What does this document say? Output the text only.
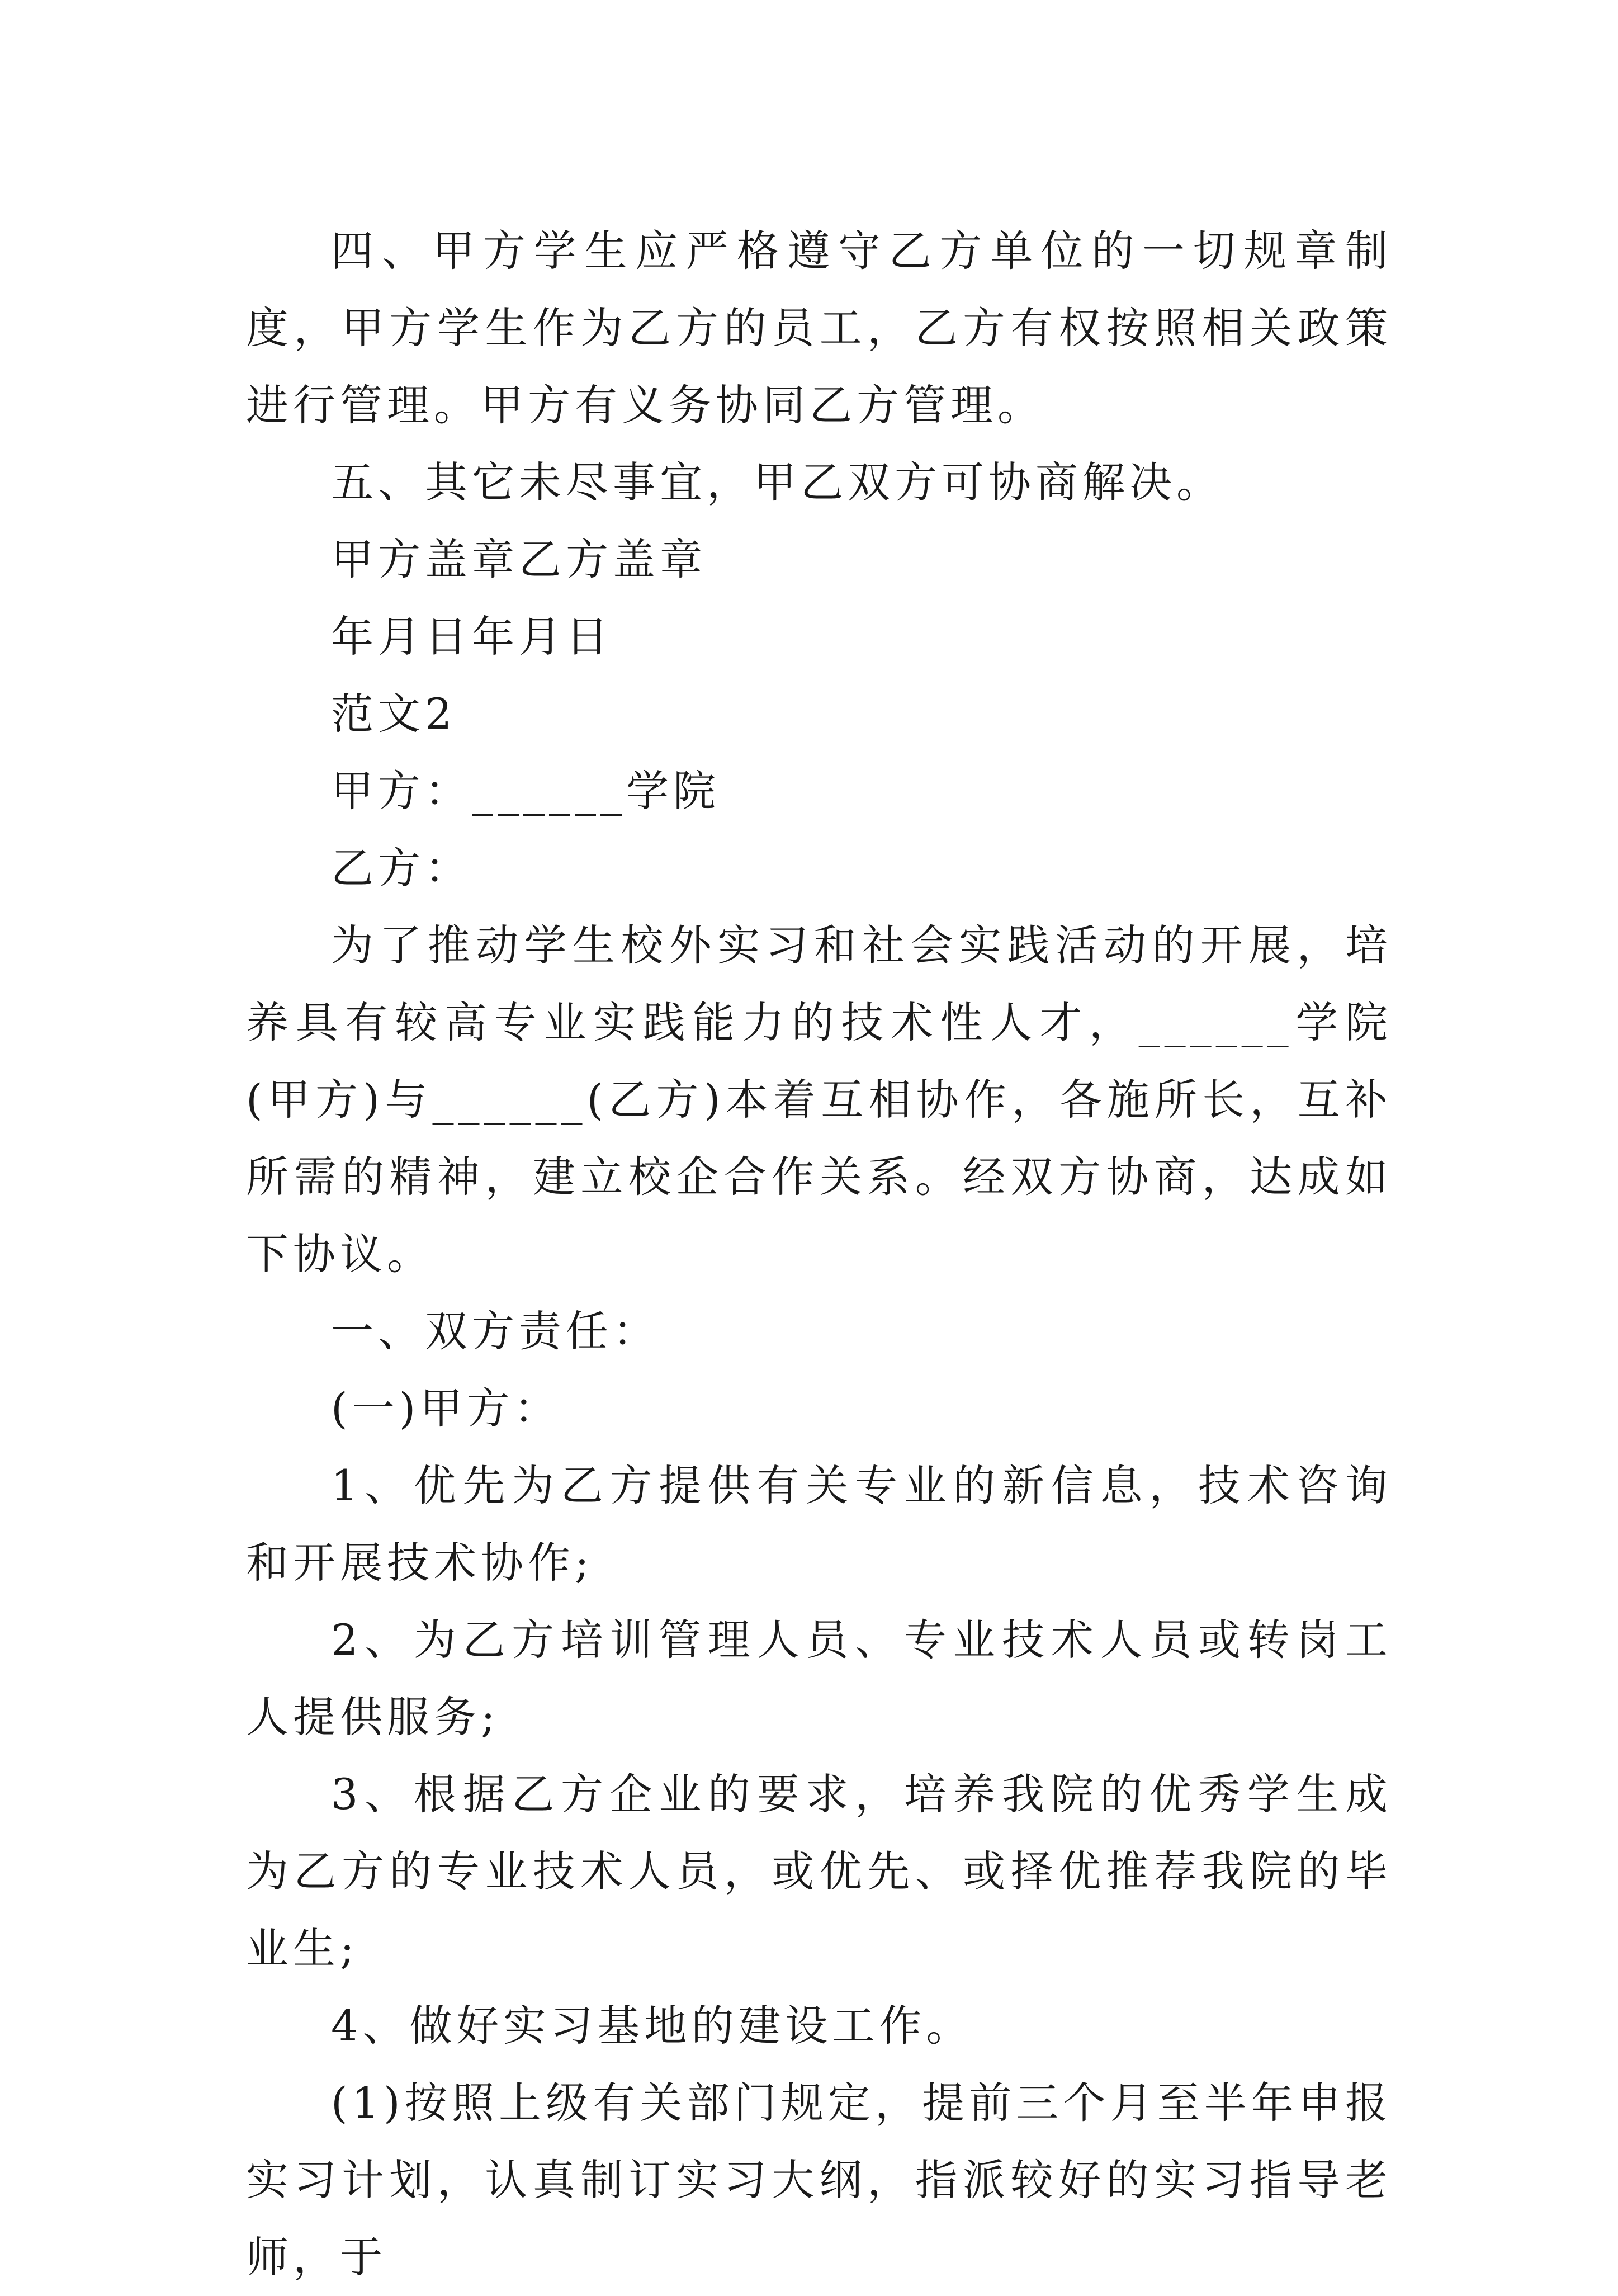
四、甲方学生应严格遵守乙方单位的一切规章制度，甲方学生作为乙方的员工，乙方有权按照相关政策进行管理。甲方有义务协同乙方管理。

五、其它未尽事宜，甲乙双方可协商解决。

甲方盖章乙方盖章

年月日年月日

范文2

甲方：______学院

乙方：

为了推动学生校外实习和社会实践活动的开展，培养具有较高专业实践能力的技术性人才，______学院(甲方)与______(乙方)本着互相协作，各施所长，互补所需的精神，建立校企合作关系。经双方协商，达成如下协议。

一、双方责任：

(一)甲方：

1、优先为乙方提供有关专业的新信息，技术咨询和开展技术协作;

2、为乙方培训管理人员、专业技术人员或转岗工人提供服务;

3、根据乙方企业的要求，培养我院的优秀学生成为乙方的专业技术人员，或优先、或择优推荐我院的毕业生;

4、做好实习基地的建设工作。

(1)按照上级有关部门规定，提前三个月至半年申报实习计划，认真制订实习大纲，指派较好的实习指导老师，于
